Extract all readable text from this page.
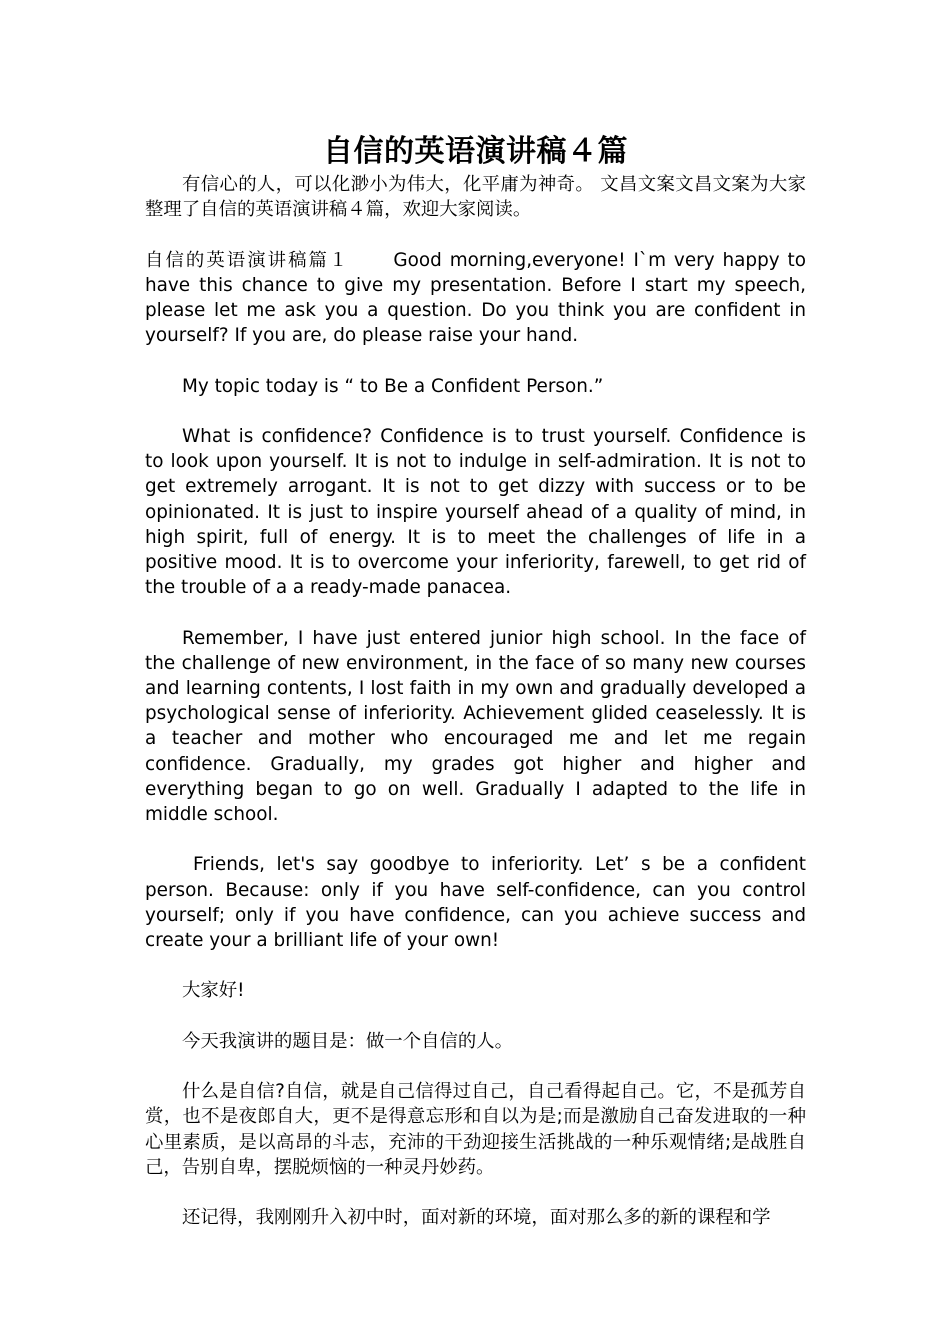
自信的英语演讲稿４篇

有信心的人，可以化渺小为伟大，化平庸为神奇。 文昌文案文昌文案为大家整理了自信的英语演讲稿４篇，欢迎大家阅读。

自信的英语演讲稿篇１ Good morning,everyone! I`m very happy to have this chance to give my presentation. Before I start my speech, please let me ask you a question. Do you think you are confident in yourself? If you are, do please raise your hand.

My topic today is “ to Be a Confident Person.”

What is confidence? Confidence is to trust yourself. Confidence is to look upon yourself. It is not to indulge in self-admiration. It is not to get extremely arrogant. It is not to get dizzy with success or to be opinionated. It is just to inspire yourself ahead of a quality of mind, in high spirit, full of energy. It is to meet the challenges of life in a positive mood. It is to overcome your inferiority, farewell, to get rid of the trouble of a a ready-made panacea.

Remember, I have just entered junior high school. In the face of the challenge of new environment, in the face of so many new courses and learning contents, I lost faith in my own and gradually developed a psychological sense of inferiority. Achievement glided ceaselessly. It is a teacher and mother who encouraged me and let me regain confidence. Gradually, my grades got higher and higher and everything began to go on well. Gradually I adapted to the life in middle school.

Friends, let's say goodbye to inferiority. Let’ s be a confident person. Because: only if you have self-confidence, can you control yourself; only if you have confidence, can you achieve success and create your a brilliant life of your own!

大家好!

今天我演讲的题目是：做一个自信的人。

什么是自信?自信，就是自己信得过自己，自己看得起自己。它，不是孤芳自赏，也不是夜郎自大，更不是得意忘形和自以为是;而是激励自己奋发进取的一种心里素质，是以高昂的斗志，充沛的干劲迎接生活挑战的一种乐观情绪;是战胜自己，告别自卑，摆脱烦恼的一种灵丹妙药。

还记得，我刚刚升入初中时，面对新的环境，面对那么多的新的课程和学
